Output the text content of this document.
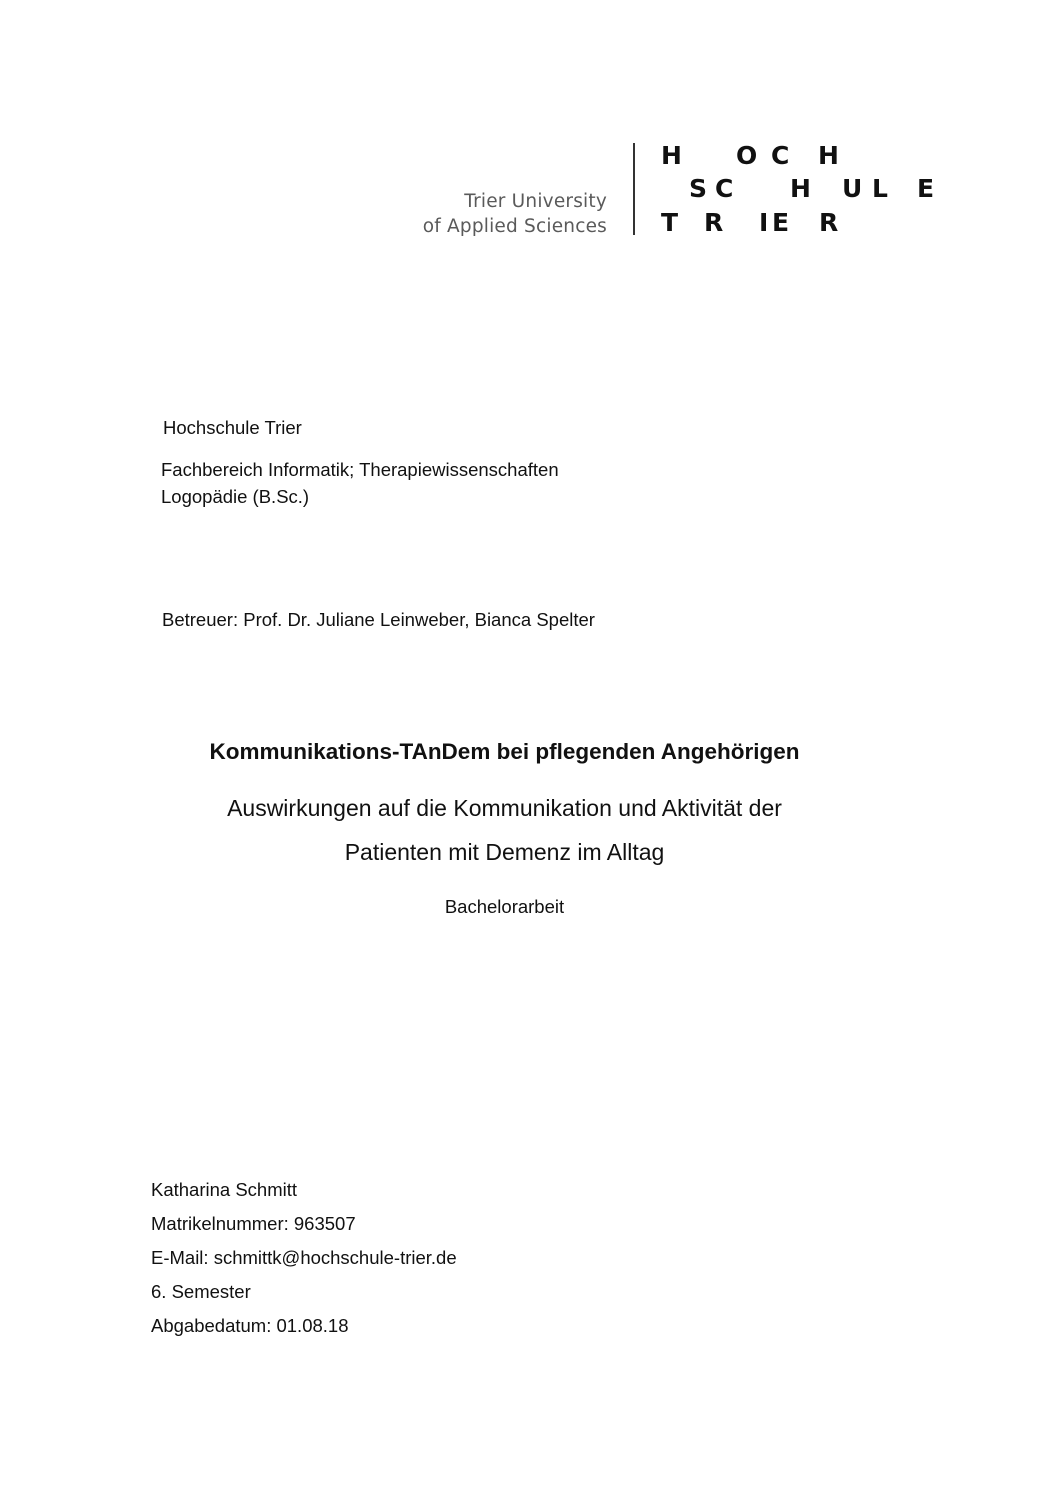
Trier University
of Applied Sciences
H O C H
S C H U L E
T R I E R
Hochschule Trier
Fachbereich Informatik; Therapiewissenschaften
Logopädie (B.Sc.)
Betreuer: Prof. Dr. Juliane Leinweber, Bianca Spelter
Kommunikations-TAnDem bei pflegenden Angehörigen
Auswirkungen auf die Kommunikation und Aktivität der
Patienten mit Demenz im Alltag
Bachelorarbeit
Katharina Schmitt
Matrikelnummer: 963507
E-Mail: schmittk@hochschule-trier.de
6. Semester
Abgabedatum: 01.08.18
